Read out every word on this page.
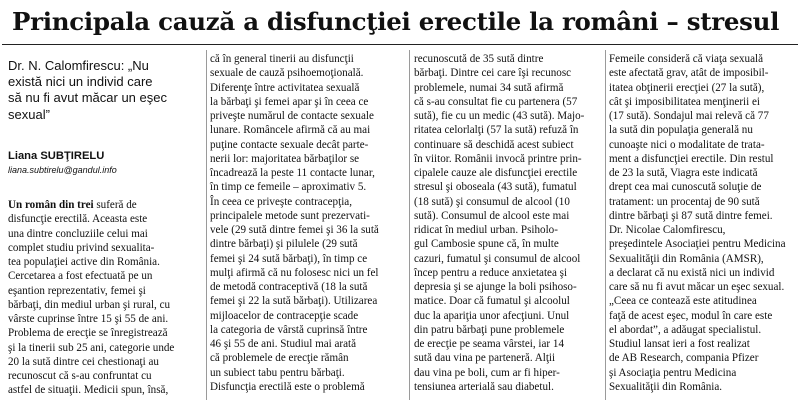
Principala cauză a disfuncţiei erectile la români – stresul

Dr. N. Calomfirescu: „Nu
există nici un individ care
să nu fi avut măcar un eşec
sexual”

Liana SUBŢIRELU

liana.subtirelu@gandul.info

Un român din trei suferă de
disfuncţie erectilă. Aceasta este
una dintre concluziile celui mai
complet studiu privind sexualita-
tea populaţiei active din România.

Cercetarea a fost efectuată pe un
eşantion reprezentativ, femei şi
bărbaţi, din mediul urban şi rural, cu
vârste cuprinse între 15 şi 55 de ani.
Problema de erecţie se înregistrează
şi la tinerii sub 25 ani, categorie unde
20 la sută dintre cei chestionaţi au
recunoscut că s-au confruntat cu
astfel de situaţii. Medicii spun, însă,

că în general tinerii au disfuncţii
sexuale de cauză psihoemoţională.

Diferenţe între activitatea sexuală
la bărbaţi şi femei apar şi în ceea ce
priveşte numărul de contacte sexuale
lunare. Româncele afirmă că au mai
puţine contacte sexuale decât parte-
nerii lor: majoritatea bărbaţilor se
încadrează la peste 11 contacte lunar,
în timp ce femeile – aproximativ 5.

În ceea ce priveşte contracepţia,
principalele metode sunt prezervati-
vele (29 sută dintre femei şi 36 la sută
dintre bărbaţi) şi pilulele (29 sută
femei şi 24 sută bărbaţi), în timp ce
mulţi afirmă că nu folosesc nici un fel
de metodă contraceptivă (18 la sută
femei şi 22 la sută bărbaţi). Utilizarea
mijloacelor de contracepţie scade
la categoria de vârstă cuprinsă între
46 şi 55 de ani. Studiul mai arată
că problemele de erecţie rămân
un subiect tabu pentru bărbaţi.

Disfuncţia erectilă este o problemă

recunoscută de 35 sută dintre
bărbaţi. Dintre cei care îşi recunosc
problemele, numai 34 sută afirmă
că s-au consultat fie cu partenera (57
sută), fie cu un medic (43 sută). Majo-
ritatea celorlalţi (57 la sută) refuză în
continuare să deschidă acest subiect
în viitor. Românii invocă printre prin-
cipalele cauze ale disfuncţiei erectile
stresul şi oboseala (43 sută), fumatul
(18 sută) şi consumul de alcool (10
sută). Consumul de alcool este mai
ridicat în mediul urban. Psiholo-
gul Cambosie spune că, în multe
cazuri, fumatul şi consumul de alcool
încep pentru a reduce anxietatea şi
depresia şi se ajunge la boli psihoso-
matice. Doar că fumatul şi alcoolul
duc la apariţia unor afecţiuni. Unul
din patru bărbaţi pune problemele
de erecţie pe seama vârstei, iar 14
sută dau vina pe parteneră. Alţii
dau vina pe boli, cum ar fi hiper-
tensiunea arterială sau diabetul.

Femeile consideră că viaţa sexuală
este afectată grav, atât de imposibil-
itatea obţinerii erecţiei (27 la sută),
cât şi imposibilitatea menţinerii ei
(17 sută). Sondajul mai relevă că 77
la sută din populaţia generală nu
cunoaşte nici o modalitate de trata-
ment a disfuncţiei erectile. Din restul
de 23 la sută, Viagra este indicată
drept cea mai cunoscută soluţie de
tratament: un procentaj de 90 sută
dintre bărbaţi şi 87 sută dintre femei.

Dr. Nicolae Calomfirescu,
preşedintele Asociaţiei pentru Medicina
Sexualităţii din România (AMSR),
a declarat că nu există nici un individ
care să nu fi avut măcar un eşec sexual.
„Ceea ce contează este atitudinea
faţă de acest eşec, modul în care este
el abordat”, a adăugat specialistul.

Studiul lansat ieri a fost realizat
de AB Research, compania Pfizer
şi Asociaţia pentru Medicina
Sexualităţii din România.
